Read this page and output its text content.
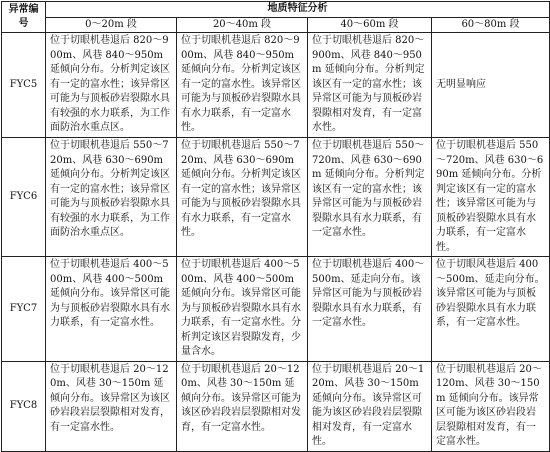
异常编号	地质特征分析			
	0～20m 段	20～40m 段	40～60m 段	60～80m 段
FYC5	位于切眼机巷退后 820～900m、风巷 840～950m 延倾向分布。分析判定该区有一定的富水性；该异常区可能为与顶板砂岩裂隙水具有较强的水力联系，为工作面防治水重点区。	位于切眼机巷退后 820～900m、风巷 840～950m 延倾向分布。分析判定该区有一定的富水性。该异常区可能为与顶板砂岩裂隙水具有水力联系，有一定富水性。	位于切眼机巷退后 820～900m、风巷 840～950m 延倾向分布。分析判定该区有一定的富水性；该异常区可能为与顶板砂岩裂隙相对发育，有一定富水性。	无明显响应
FYC6	位于切眼机巷退后 550～720m、风巷 630～690m 延倾向分布。分析判定该区有一定的富水性；该异常区可能为与顶板砂岩裂隙水具有较强的水力联系，为工作面防治水重点区。	位于切眼机巷退后 550～720m、风巷 630～690m 延倾向分布。分析判定该区有一定的富水性；该异常区可能为与顶板砂岩裂隙水具有水力联系，有一定富水性。	位于切眼机巷退后 550～720m、风巷 630～690m 延倾向分布。分析判定该区有一定的富水性；该异常区可能为与顶板砂岩裂隙水具有水力联系，有一定富水性。	位于切眼机巷退后 550～720m、风巷 630～690m 延倾向分布。分析判定该区有一定的富水性；该异常区可能为与顶板砂岩裂隙水具有水力联系，有一定富水性。
FYC7	位于切眼机巷退后 400～500m、风巷 400～500m 延倾向分布。该异常区可能为与顶板砂岩裂隙水具有水力联系，有一定富水性。	位于切眼机巷退后 400～500m、风巷 400～500m 延倾向分布。该异常区可能为与顶板砂岩裂隙水具有水力联系，有一定富水性。分析判定该区岩裂隙发育，少量含水。	位于切眼机巷退后 400～500m、延走向分布。该异常区可能为与顶板砂岩裂隙水具有水力联系，有一定富水性。	位于切眼风巷退后 400～500m、延走向分布。该异常区可能为与顶板砂岩裂隙水具有水力联系，有一定富水性。
FYC8	位于切眼机巷退后 20～120m、风巷 30～150m 延倾向分布。该异常区为该区砂岩段岩层裂隙相对发育，有一定富水性。	位于切眼机巷退后 20～120m、风巷 30～150m 延倾向分布。该异常区可能为该区砂岩段岩层裂隙相对发育，有一定富水性。	位于切眼机巷退后 20～120m、风巷 30～150m 延倾向分布。该异常区可能为该区砂岩段岩层裂隙相对发育，有一定富水性。	位于切眼机巷退后 20～120m、风巷 30～150m 延倾向分布。该异常区可能为该区砂岩段岩层裂隙相对发育，有一定富水性。
